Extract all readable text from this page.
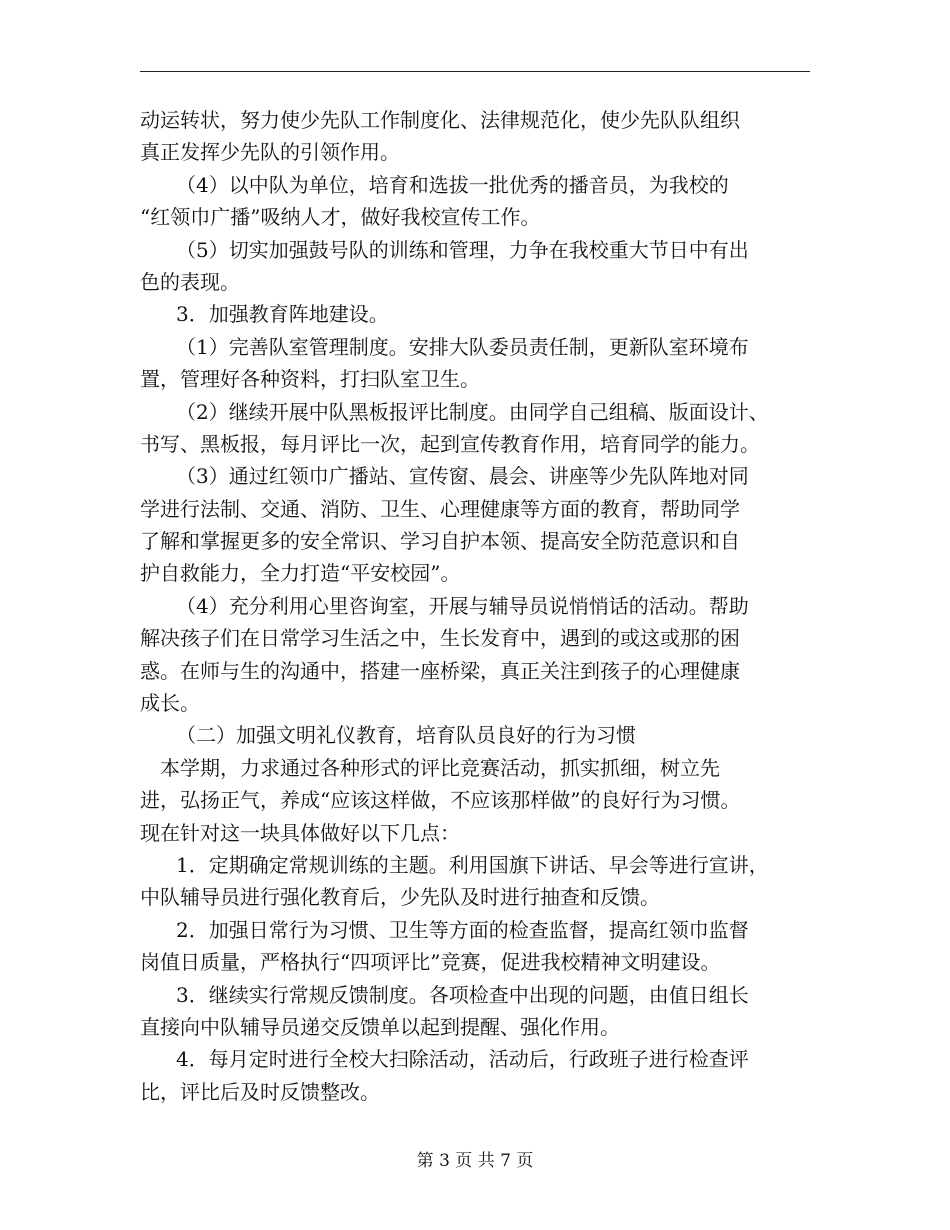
动运转状，努力使少先队工作制度化、法律规范化，使少先队队组织
真正发挥少先队的引领作用。
（4）以中队为单位，培育和选拔一批优秀的播音员，为我校的
“红领巾广播”吸纳人才，做好我校宣传工作。
（5）切实加强鼓号队的训练和管理，力争在我校重大节日中有出
色的表现。
3．加强教育阵地建设。
（1）完善队室管理制度。安排大队委员责任制，更新队室环境布
置，管理好各种资料，打扫队室卫生。
（2）继续开展中队黑板报评比制度。由同学自己组稿、版面设计、
书写、黑板报，每月评比一次，起到宣传教育作用，培育同学的能力。
（3）通过红领巾广播站、宣传窗、晨会、讲座等少先队阵地对同
学进行法制、交通、消防、卫生、心理健康等方面的教育，帮助同学
了解和掌握更多的安全常识、学习自护本领、提高安全防范意识和自
护自救能力，全力打造“平安校园”。
（4）充分利用心里咨询室，开展与辅导员说悄悄话的活动。帮助
解决孩子们在日常学习生活之中，生长发育中，遇到的或这或那的困
惑。在师与生的沟通中，搭建一座桥梁，真正关注到孩子的心理健康
成长。
（二）加强文明礼仪教育，培育队员良好的行为习惯
本学期，力求通过各种形式的评比竞赛活动，抓实抓细，树立先
进，弘扬正气，养成“应该这样做，不应该那样做”的良好行为习惯。
现在针对这一块具体做好以下几点：
1．定期确定常规训练的主题。利用国旗下讲话、早会等进行宣讲，
中队辅导员进行强化教育后，少先队及时进行抽查和反馈。
2．加强日常行为习惯、卫生等方面的检查监督，提高红领巾监督
岗值日质量，严格执行“四项评比”竞赛，促进我校精神文明建设。
3．继续实行常规反馈制度。各项检查中出现的问题，由值日组长
直接向中队辅导员递交反馈单以起到提醒、强化作用。
4．每月定时进行全校大扫除活动，活动后，行政班子进行检查评
比，评比后及时反馈整改。
第 3 页 共 7 页
